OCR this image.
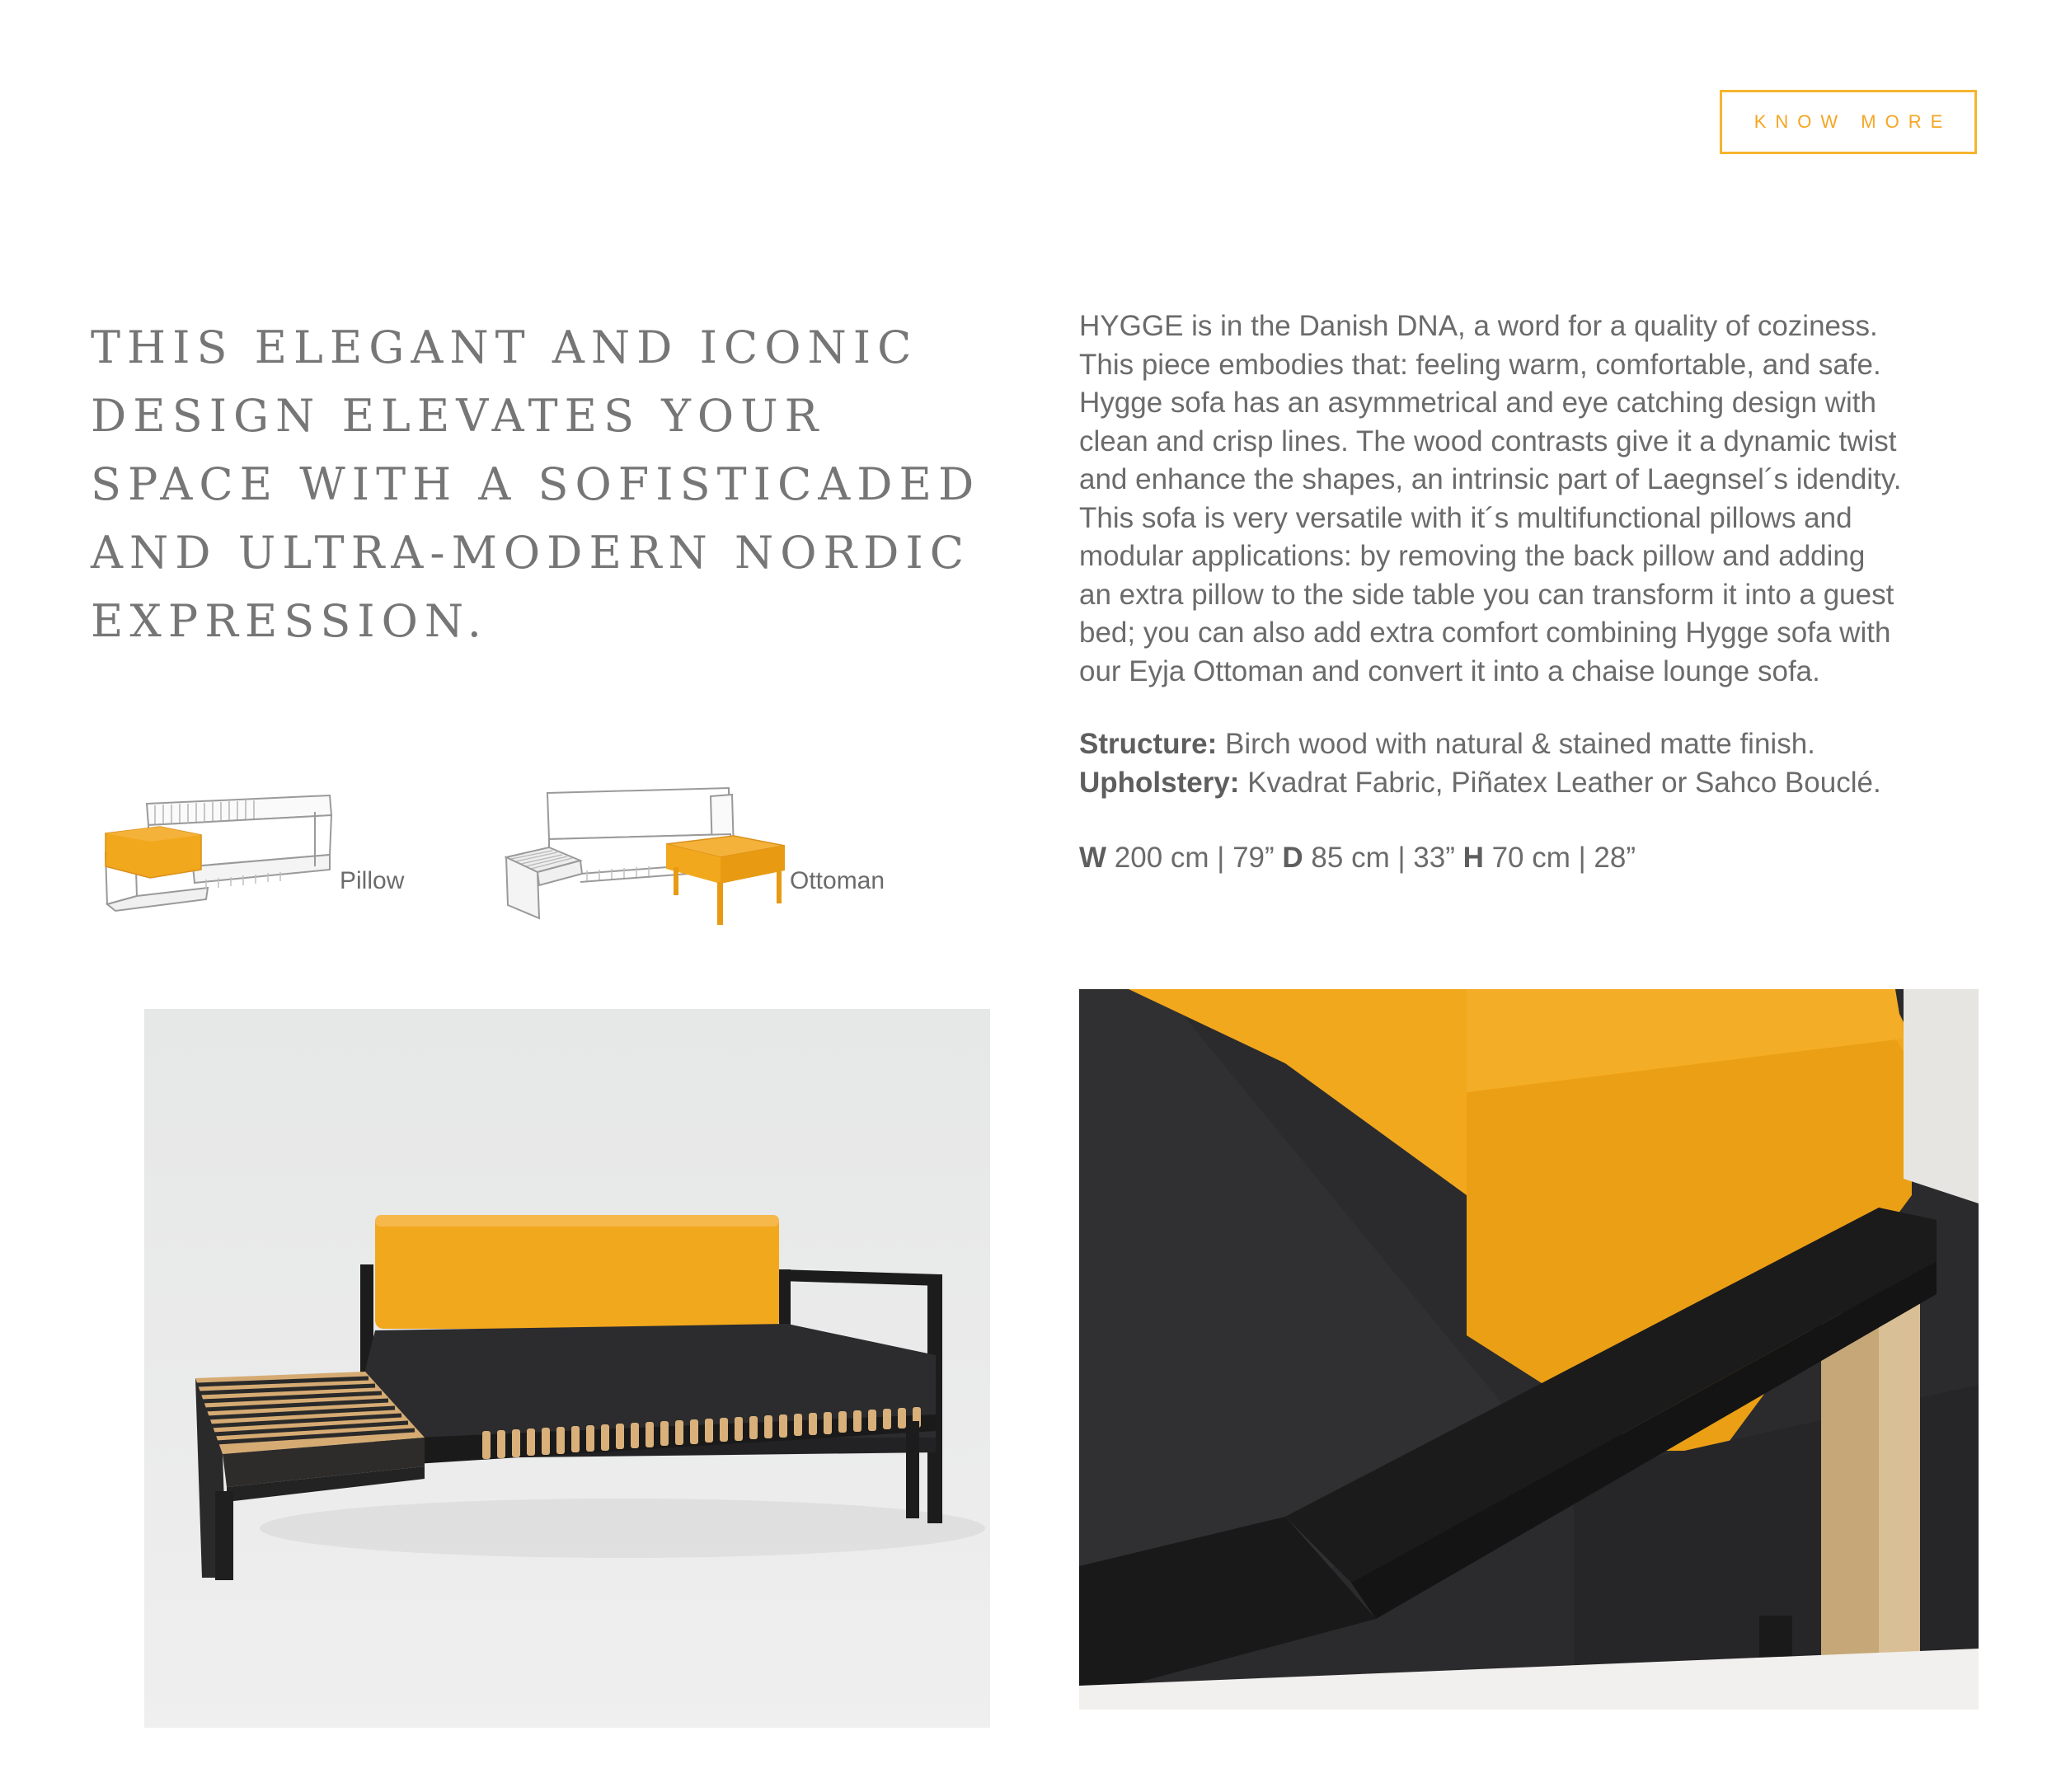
KNOW MORE
THIS ELEGANT AND ICONIC
DESIGN ELEVATES YOUR
SPACE WITH A SOFISTICADED
AND ULTRA-MODERN NORDIC
EXPRESSION.

HYGGE is in the Danish DNA, a word for a quality of coziness.
This piece embodies that: feeling warm, comfortable, and safe.
Hygge sofa has an asymmetrical and eye catching design with
clean and crisp lines. The wood contrasts give it a dynamic twist
and enhance the shapes, an intrinsic part of Laegnsel´s idendity.
This sofa is very versatile with it´s multifunctional pillows and
modular applications: by removing the back pillow and adding
an extra pillow to the side table you can transform it into a guest
bed; you can also add extra comfort combining Hygge sofa with
our Eyja Ottoman and convert it into a chaise lounge sofa.

Structure: Birch wood with natural & stained matte finish.
Upholstery: Kvadrat Fabric, Piñatex Leather or Sahco Bouclé.
W 200 cm | 79” D 85 cm | 33” H 70 cm | 28”
Pillow	Ottoman
